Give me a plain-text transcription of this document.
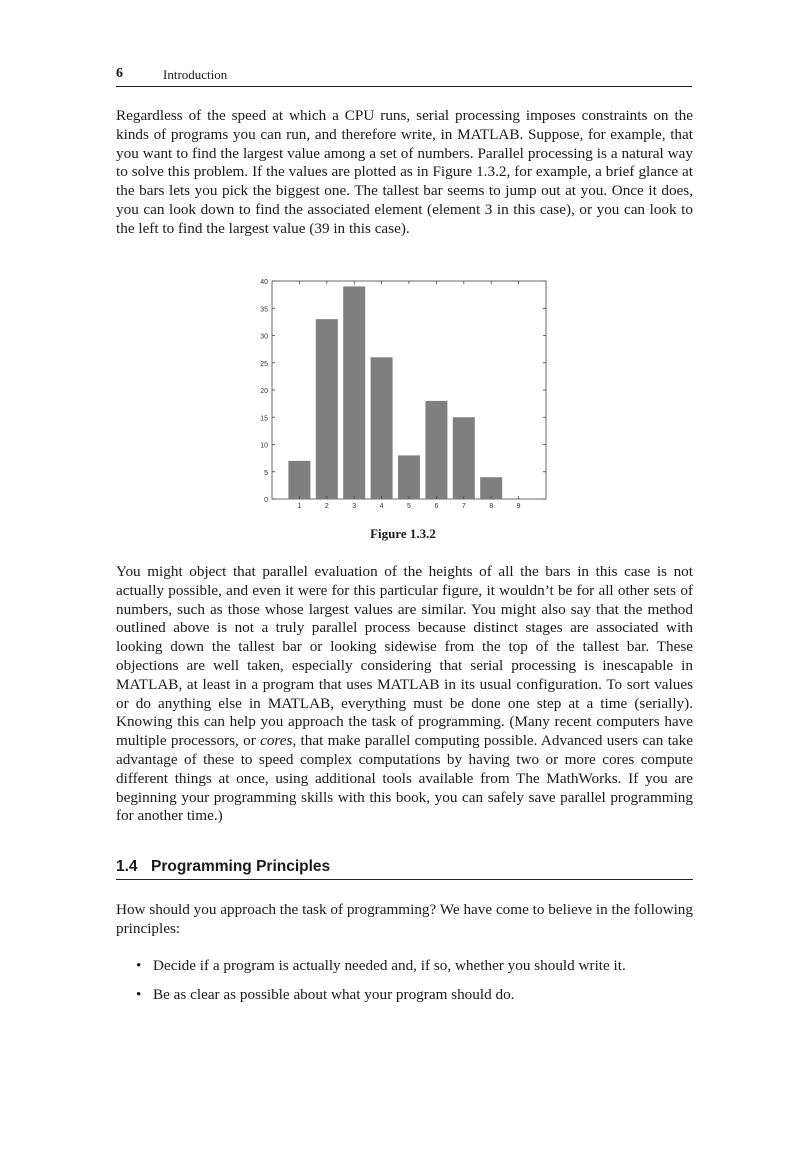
6	Introduction

Regardless of the speed at which a CPU runs, serial processing imposes constraints on the kinds of programs you can run, and therefore write, in MATLAB. Suppose, for example, that you want to find the largest value among a set of numbers. Parallel processing is a natural way to solve this problem. If the values are plotted as in Figure 1.3.2, for example, a brief glance at the bars lets you pick the biggest one. The tallest bar seems to jump out at you. Once it does, you can look down to find the associated element (element 3 in this case), or you can look to the left to find the largest value (39 in this case).

0
5
10
15
20
25
30
35
40
1	2	3	4	5	6	7	8	9
Figure 1.3.2

You might object that parallel evaluation of the heights of all the bars in this case is not actually possible, and even it were for this particular figure, it wouldn’t be for all other sets of numbers, such as those whose largest values are similar. You might also say that the method outlined above is not a truly parallel process because distinct stages are associated with looking down the tallest bar or looking sidewise from the top of the tallest bar. These objections are well taken, especially considering that serial processing is inescapable in MATLAB, at least in a program that uses MATLAB in its usual configuration. To sort values or do anything else in MATLAB, everything must be done one step at a time (serially). Knowing this can help you approach the task of programming. (Many recent computers have multiple processors, or cores, that make parallel computing possible. Advanced users can take advantage of these to speed complex computations by having two or more cores compute different things at once, using additional tools available from The MathWorks. If you are beginning your programming skills with this book, you can safely save parallel programming for another time.)

1.4 Programming Principles

How should you approach the task of programming? We have come to believe in the following principles:

• Decide if a program is actually needed and, if so, whether you should write it.
• Be as clear as possible about what your program should do.
